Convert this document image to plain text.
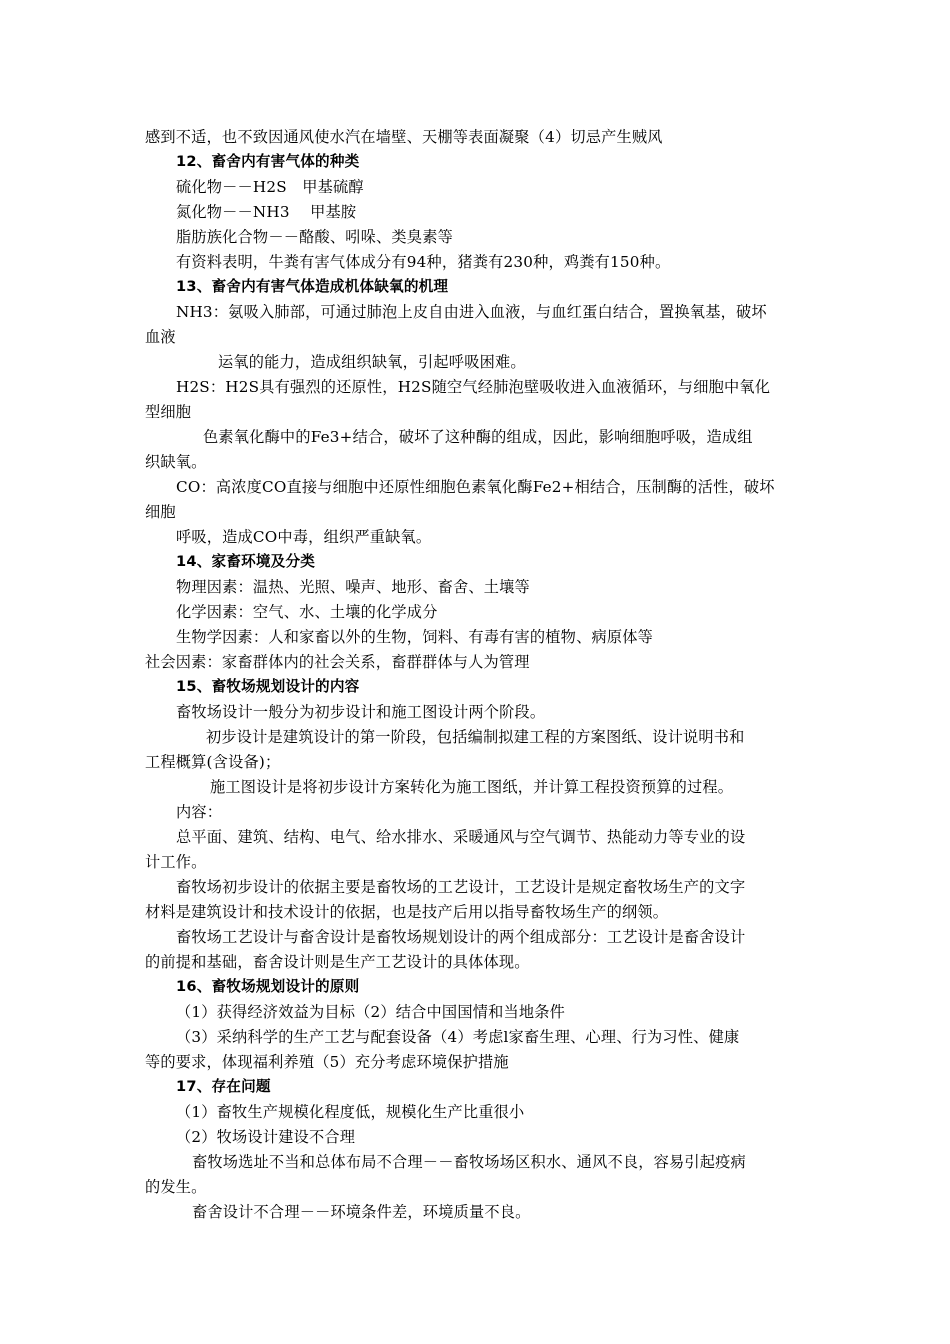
感到不适，也不致因通风使水汽在墙壁、天棚等表面凝聚（4）切忌产生贼风
12、畜舍内有害气体的种类
硫化物－－H2S　甲基硫醇
氮化物－－NH3　 甲基胺
脂肪族化合物－－酪酸、吲哚、类臭素等
有资料表明，牛粪有害气体成分有94种，猪粪有230种，鸡粪有150种。
13、畜舍内有害气体造成机体缺氧的机理
NH3：氨吸入肺部，可通过肺泡上皮自由进入血液，与血红蛋白结合，置换氧基，破坏
血液
运氧的能力，造成组织缺氧，引起呼吸困难。
H2S：H2S具有强烈的还原性，H2S随空气经肺泡壁吸收进入血液循环，与细胞中氧化
型细胞
色素氧化酶中的Fe3+结合，破坏了这种酶的组成，因此，影响细胞呼吸，造成组
织缺氧。
CO：高浓度CO直接与细胞中还原性细胞色素氧化酶Fe2+相结合，压制酶的活性，破坏
细胞
呼吸，造成CO中毒，组织严重缺氧。
14、家畜环境及分类
物理因素：温热、光照、噪声、地形、畜舍、土壤等
化学因素：空气、水、土壤的化学成分
生物学因素：人和家畜以外的生物，饲料、有毒有害的植物、病原体等
社会因素：家畜群体内的社会关系，畜群群体与人为管理
15、畜牧场规划设计的内容
畜牧场设计一般分为初步设计和施工图设计两个阶段。
初步设计是建筑设计的第一阶段，包括编制拟建工程的方案图纸、设计说明书和
工程概算(含设备)；
施工图设计是将初步设计方案转化为施工图纸，并计算工程投资预算的过程。
内容：
总平面、建筑、结构、电气、给水排水、采暖通风与空气调节、热能动力等专业的设
计工作。
畜牧场初步设计的依据主要是畜牧场的工艺设计，工艺设计是规定畜牧场生产的文字
材料是建筑设计和技术设计的依据，也是技产后用以指导畜牧场生产的纲领。
畜牧场工艺设计与畜舍设计是畜牧场规划设计的两个组成部分：工艺设计是畜舍设计
的前提和基础，畜舍设计则是生产工艺设计的具体体现。
16、畜牧场规划设计的原则
（1）获得经济效益为目标（2）结合中国国情和当地条件
（3）采纳科学的生产工艺与配套设备（4）考虑l家畜生理、心理、行为习性、健康
等的要求，体现福利养殖（5）充分考虑环境保护措施
17、存在问题
（1）畜牧生产规模化程度低，规模化生产比重很小
（2）牧场设计建设不合理
畜牧场选址不当和总体布局不合理－－畜牧场场区积水、通风不良，容易引起疫病
的发生。
畜舍设计不合理－－环境条件差，环境质量不良。
